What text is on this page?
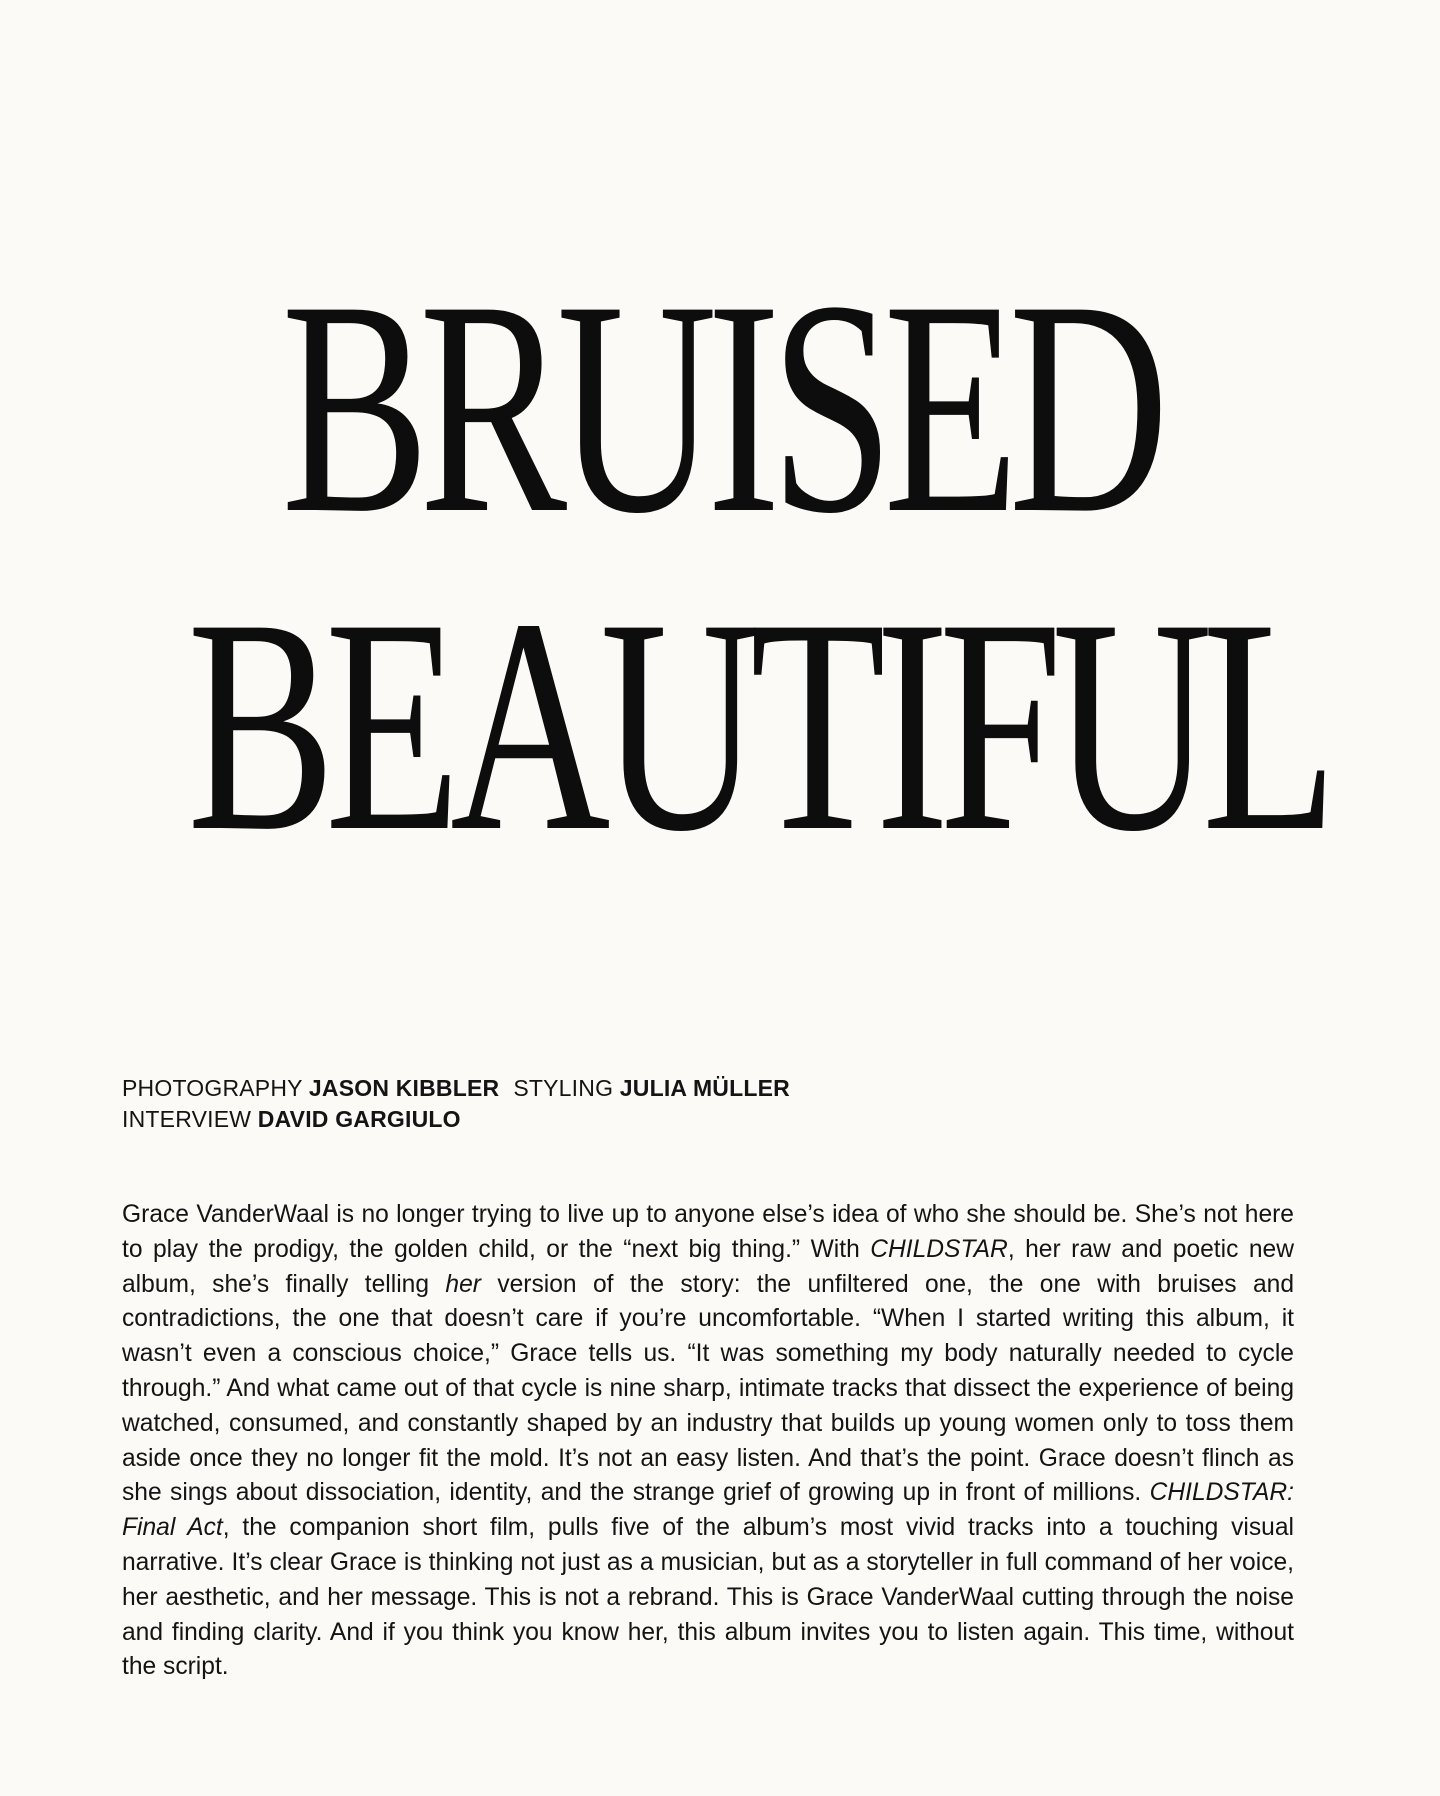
BRUISED
BEAUTIFUL
PHOTOGRAPHY JASON KIBBLER STYLING JULIA MÜLLER
INTERVIEW DAVID GARGIULO

Grace VanderWaal is no longer trying to live up to anyone else’s idea of who she should be. She’s not here to play the prodigy, the golden child, or the “next big thing.” With CHILDSTAR, her raw and poetic new album, she’s finally telling her version of the story: the unfiltered one, the one with bruises and contradictions, the one that doesn’t care if you’re uncomfortable. “When I started writing this album, it wasn’t even a conscious choice,” Grace tells us. “It was something my body naturally needed to cycle through.” And what came out of that cycle is nine sharp, intimate tracks that dissect the experience of being watched, consumed, and constantly shaped by an industry that builds up young women only to toss them aside once they no longer fit the mold. It’s not an easy listen. And that’s the point. Grace doesn’t flinch as she sings about dissociation, identity, and the strange grief of growing up in front of millions. CHILDSTAR: Final Act, the companion short film, pulls five of the album’s most vivid tracks into a touching visual narrative. It’s clear Grace is thinking not just as a musician, but as a storyteller in full command of her voice, her aesthetic, and her message. This is not a rebrand. This is Grace VanderWaal cutting through the noise and finding clarity. And if you think you know her, this album invites you to listen again. This time, without the script.
